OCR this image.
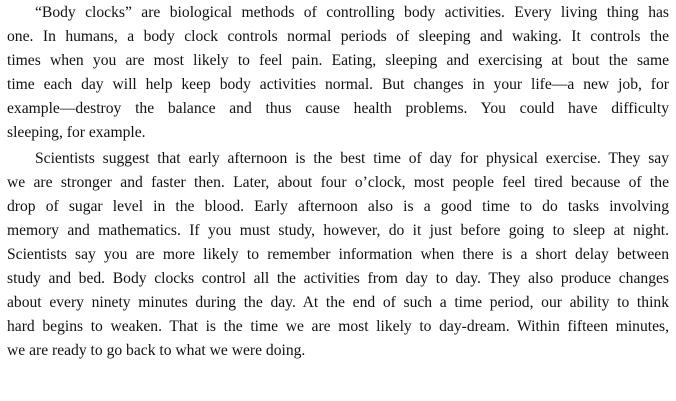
“Body clocks” are biological methods of controlling body activities. Every living thing has
one. In humans, a body clock controls normal periods of sleeping and waking. It controls the
times when you are most likely to feel pain. Eating, sleeping and exercising at bout the same
time each day will help keep body activities normal. But changes in your life—a new job, for
example—destroy the balance and thus cause health problems. You could have difficulty
sleeping, for example.
Scientists suggest that early afternoon is the best time of day for physical exercise. They say
we are stronger and faster then. Later, about four o’clock, most people feel tired because of the
drop of sugar level in the blood. Early afternoon also is a good time to do tasks involving
memory and mathematics. If you must study, however, do it just before going to sleep at night.
Scientists say you are more likely to remember information when there is a short delay between
study and bed. Body clocks control all the activities from day to day. They also produce changes
about every ninety minutes during the day. At the end of such a time period, our ability to think
hard begins to weaken. That is the time we are most likely to day-dream. Within fifteen minutes,
we are ready to go back to what we were doing.
